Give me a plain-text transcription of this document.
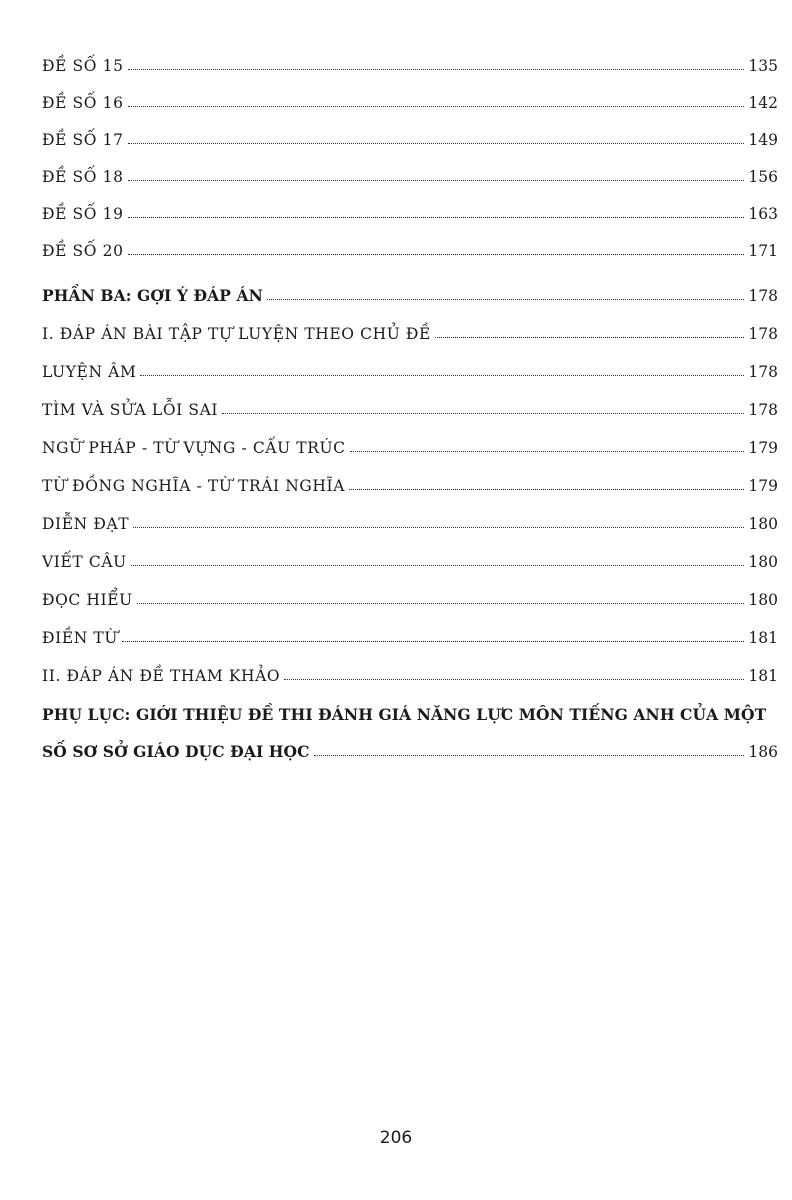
ĐỀ SỐ 15	135
ĐỀ SỐ 16	142
ĐỀ SỐ 17	149
ĐỀ SỐ 18	156
ĐỀ SỐ 19	163
ĐỀ SỐ 20	171
PHẦN BA: GỢI Ý ĐÁP ÁN	178
I. ĐÁP ÁN BÀI TẬP TỰ LUYỆN THEO CHỦ ĐỀ	178
LUYỆN ÂM	178
TÌM VÀ SỬA LỖI SAI	178
NGỮ PHÁP - TỪ VỰNG - CẤU TRÚC	179
TỪ ĐỒNG NGHĨA - TỪ TRÁI NGHĨA	179
DIỄN ĐẠT	180
VIẾT CÂU	180
ĐỌC HIỂU	180
ĐIỀN TỪ	181
II. ĐÁP ÁN ĐỀ THAM KHẢO	181
PHỤ LỤC: GIỚI THIỆU ĐỀ THI ĐÁNH GIÁ NĂNG LỰC MÔN TIẾNG ANH CỦA MỘT
SỐ SƠ SỞ GIÁO DỤC ĐẠI HỌC	186
206
